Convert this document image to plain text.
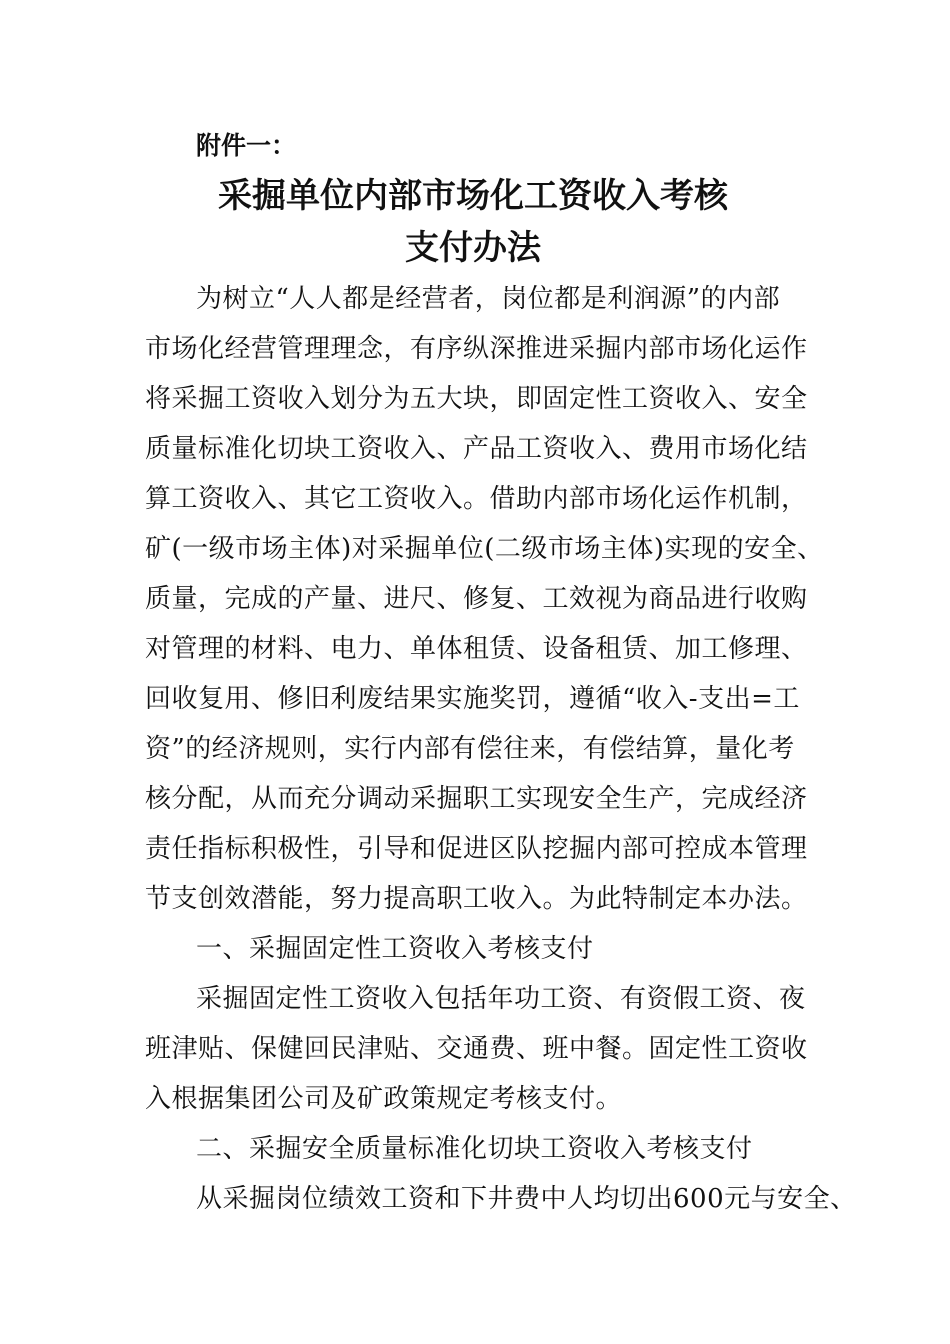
附件一：
采掘单位内部市场化工资收入考核
支付办法
为树立“人人都是经营者，岗位都是利润源”的内部
市场化经营管理理念，有序纵深推进采掘内部市场化运作
将采掘工资收入划分为五大块，即固定性工资收入、安全
质量标准化切块工资收入、产品工资收入、费用市场化结
算工资收入、其它工资收入。借助内部市场化运作机制，
矿(一级市场主体)对采掘单位(二级市场主体)实现的安全、
质量，完成的产量、进尺、修复、工效视为商品进行收购
对管理的材料、电力、单体租赁、设备租赁、加工修理、
回收复用、修旧利废结果实施奖罚，遵循“收入-支出=工
资”的经济规则，实行内部有偿往来，有偿结算，量化考
核分配，从而充分调动采掘职工实现安全生产，完成经济
责任指标积极性，引导和促进区队挖掘内部可控成本管理
节支创效潜能，努力提高职工收入。为此特制定本办法。
一、采掘固定性工资收入考核支付
采掘固定性工资收入包括年功工资、有资假工资、夜
班津贴、保健回民津贴、交通费、班中餐。固定性工资收
入根据集团公司及矿政策规定考核支付。
二、采掘安全质量标准化切块工资收入考核支付
从采掘岗位绩效工资和下井费中人均切出600元与安全、
